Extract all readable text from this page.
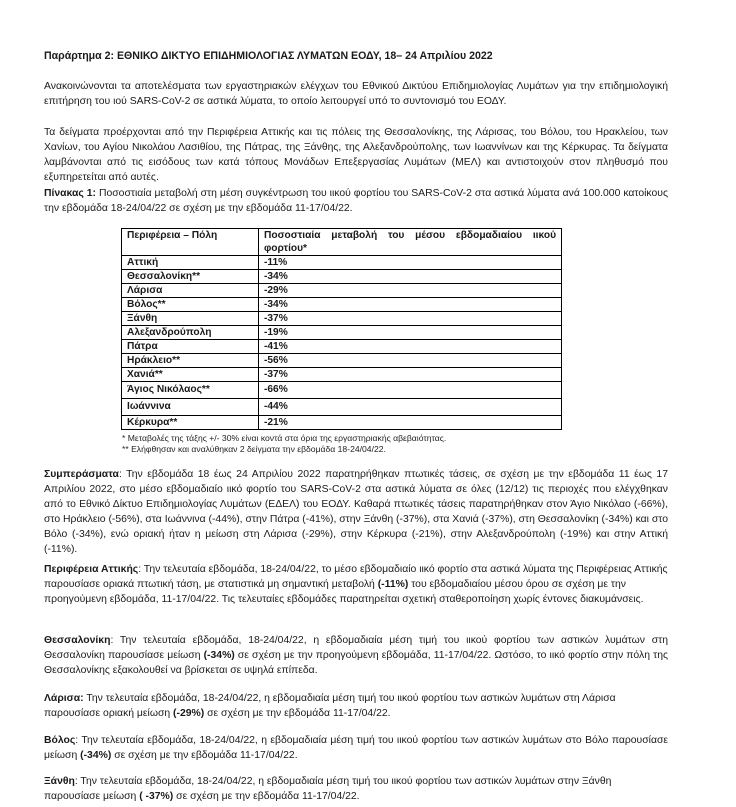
Παράρτημα 2: ΕΘΝΙΚΟ ΔΙΚΤΥΟ ΕΠΙΔΗΜΙΟΛΟΓΙΑΣ ΛΥΜΑΤΩΝ ΕΟΔΥ, 18– 24 Απριλίου 2022

Ανακοινώνονται τα αποτελέσματα των εργαστηριακών ελέγχων του Εθνικού Δικτύου Επιδημιολογίας Λυμάτων για την επιδημιολογική επιτήρηση του ιού SARS-CoV-2 σε αστικά λύματα, το οποίο λειτουργεί υπό το συντονισμό του ΕΟΔΥ.

Τα δείγματα προέρχονται από την Περιφέρεια Αττικής και τις πόλεις της Θεσσαλονίκης, της Λάρισας, του Βόλου, του Ηρακλείου, των Χανίων, του Αγίου Νικολάου Λασιθίου, της Πάτρας, της Ξάνθης, της Αλεξανδρούπολης, των Ιωαννίνων και της Κέρκυρας. Τα δείγματα λαμβάνονται από τις εισόδους των κατά τόπους Μονάδων Επεξεργασίας Λυμάτων (ΜΕΛ) και αντιστοιχούν στον πληθυσμό που εξυπηρετείται από αυτές.

Πίνακας 1: Ποσοστιαία μεταβολή στη μέση συγκέντρωση του ιικού φορτίου του SARS-CoV-2 στα αστικά λύματα ανά 100.000 κατοίκους την εβδομάδα 18-24/04/22 σε σχέση με την εβδομάδα 11-17/04/22.

Περιφέρεια – Πόλη	Ποσοστιαία μεταβολή του μέσου εβδομαδιαίου ιικού φορτίου*
Αττική	-11%
Θεσσαλονίκη**	-34%
Λάρισα	-29%
Βόλος**	-34%
Ξάνθη	-37%
Αλεξανδρούπολη	-19%
Πάτρα	-41%
Ηράκλειο**	-56%
Χανιά**	-37%
Άγιος Νικόλαος**	-66%
Ιωάννινα	-44%
Κέρκυρα**	-21%
* Μεταβολές της τάξης +/- 30% είναι κοντά στα όρια της εργαστηριακής αβεβαιότητας.
** Ελήφθησαν και αναλύθηκαν 2 δείγματα την εβδομάδα 18-24/04/22.

Συμπεράσματα: Την εβδομάδα 18 έως 24 Απριλίου 2022 παρατηρήθηκαν πτωτικές τάσεις, σε σχέση με την εβδομάδα 11 έως 17 Απριλίου 2022, στο μέσο εβδομαδιαίο ιικό φορτίο του SARS-CoV-2 στα αστικά λύματα σε όλες (12/12) τις περιοχές που ελέγχθηκαν από το Εθνικό Δίκτυο Επιδημιολογίας Λυμάτων (ΕΔΕΛ) του ΕΟΔΥ. Καθαρά πτωτικές τάσεις παρατηρήθηκαν στον Άγιο Νικόλαο (-66%), στο Ηράκλειο (-56%), στα Ιωάννινα (-44%), στην Πάτρα (-41%), στην Ξάνθη (-37%), στα Χανιά (-37%), στη Θεσσαλονίκη (-34%) και στο Βόλο (-34%), ενώ οριακή ήταν η μείωση στη Λάρισα (-29%), στην Κέρκυρα (-21%), στην Αλεξανδρούπολη (-19%) και στην Αττική (-11%).

Περιφέρεια Αττικής: Την τελευταία εβδομάδα, 18-24/04/22, το μέσο εβδομαδιαίο ιικό φορτίο στα αστικά λύματα της Περιφέρειας Αττικής παρουσίασε οριακά πτωτική τάση, με στατιστικά μη σημαντική μεταβολή (-11%) του εβδομαδιαίου μέσου όρου σε σχέση με την προηγούμενη εβδομάδα, 11-17/04/22. Τις τελευταίες εβδομάδες παρατηρείται σχετική σταθεροποίηση χωρίς έντονες διακυμάνσεις.

Θεσσαλονίκη: Την τελευταία εβδομάδα, 18-24/04/22, η εβδομαδιαία μέση τιμή του ιικού φορτίου των αστικών λυμάτων στη Θεσσαλονίκη παρουσίασε μείωση (-34%) σε σχέση με την προηγούμενη εβδομάδα, 11-17/04/22. Ωστόσο, το ιικό φορτίο στην πόλη της Θεσσαλονίκης εξακολουθεί να βρίσκεται σε υψηλά επίπεδα.

Λάρισα: Την τελευταία εβδομάδα, 18-24/04/22, η εβδομαδιαία μέση τιμή του ιικού φορτίου των αστικών λυμάτων στη Λάρισα παρουσίασε οριακή μείωση (-29%) σε σχέση με την εβδομάδα 11-17/04/22.

Βόλος: Την τελευταία εβδομάδα, 18-24/04/22, η εβδομαδιαία μέση τιμή του ιικού φορτίου των αστικών λυμάτων στο Βόλο παρουσίασε μείωση (-34%) σε σχέση με την εβδομάδα 11-17/04/22.

Ξάνθη: Την τελευταία εβδομάδα, 18-24/04/22, η εβδομαδιαία μέση τιμή του ιικού φορτίου των αστικών λυμάτων στην Ξάνθη παρουσίασε μείωση ( -37%) σε σχέση με την εβδομάδα 11-17/04/22.
